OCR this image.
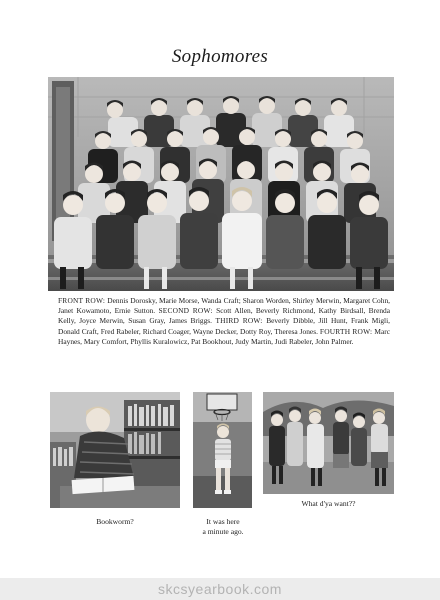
Sophomores
FRONT ROW: Dennis Dorosky, Marie Morse, Wanda Craft; Sharon Worden, Shirley Merwin, Margaret Cohn, Janet Kowamoto, Ernie Sutton. SECOND ROW: Scott Allen, Beverly Richmond, Kathy Birdsall, Brenda Kelly, Joyce Merwin, Susan Gray, James Briggs. THIRD ROW: Beverly Dibble, Jill Hunt, Frank Migli, Donald Craft, Fred Rabeler, Richard Coager, Wayne Decker, Dotty Roy, Theresa Jones. FOURTH ROW: Marc Haynes, Mary Comfort, Phyllis Kuralowicz, Pat Bookhout, Judy Martin, Judi Rabeler, John Palmer.
Bookworm?	It was here
a minute ago.
What d'ya want??
skcsyearbook.com
